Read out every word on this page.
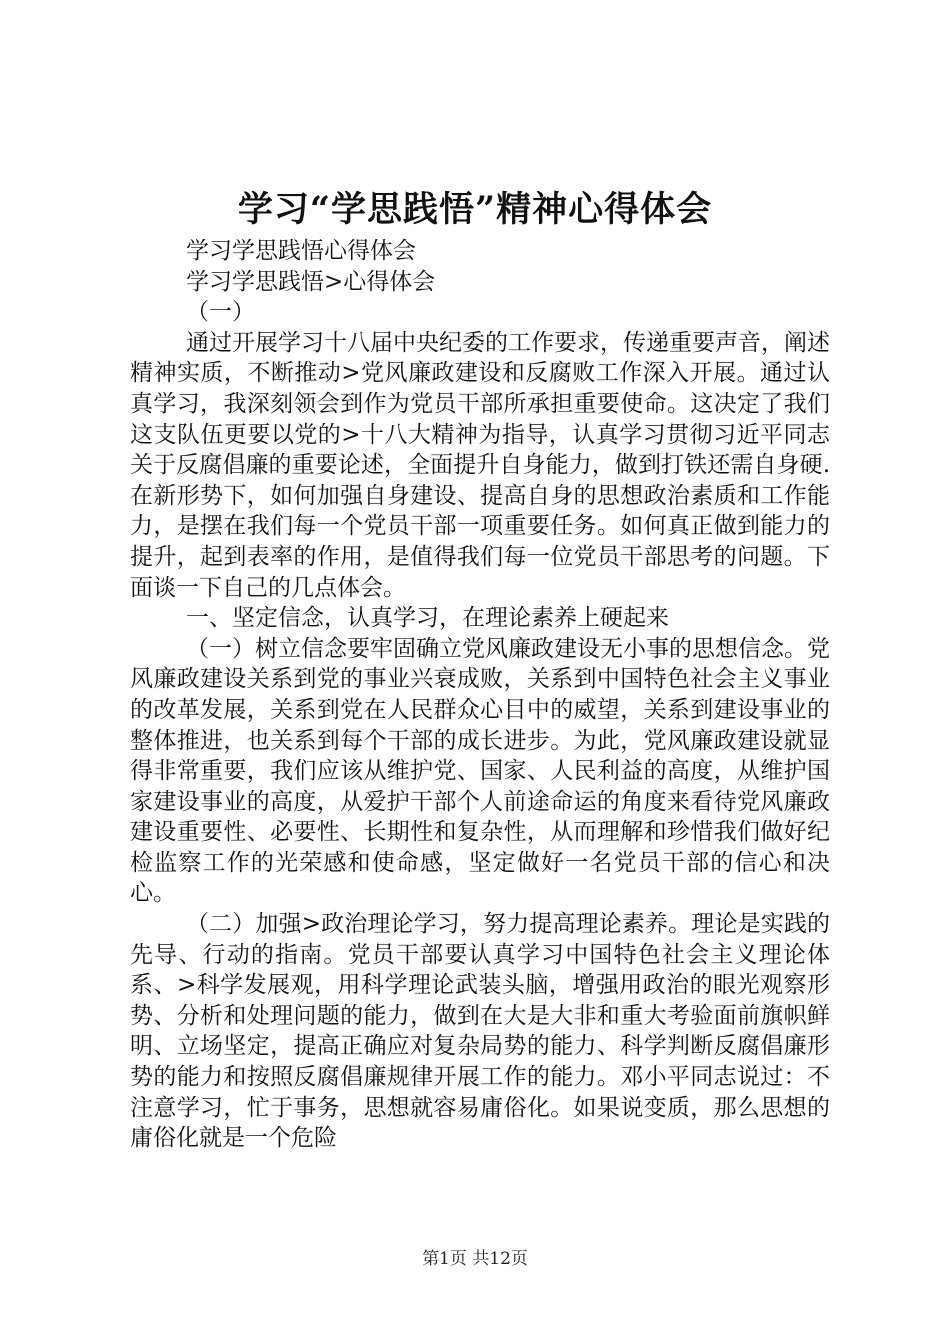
学习“学思践悟”精神心得体会

学习学思践悟心得体会

学习学思践悟>心得体会

（一）

通过开展学习十八届中央纪委的工作要求，传递重要声音，阐述精神实质，不断推动>党风廉政建设和反腐败工作深入开展。通过认真学习，我深刻领会到作为党员干部所承担重要使命。这决定了我们这支队伍更要以党的>十八大精神为指导，认真学习贯彻习近平同志关于反腐倡廉的重要论述，全面提升自身能力，做到打铁还需自身硬.在新形势下，如何加强自身建设、提高自身的思想政治素质和工作能力，是摆在我们每一个党员干部一项重要任务。如何真正做到能力的提升，起到表率的作用，是值得我们每一位党员干部思考的问题。下面谈一下自己的几点体会。

一、坚定信念，认真学习，在理论素养上硬起来

（一）树立信念要牢固确立党风廉政建设无小事的思想信念。党风廉政建设关系到党的事业兴衰成败，关系到中国特色社会主义事业的改革发展，关系到党在人民群众心目中的威望，关系到建设事业的整体推进，也关系到每个干部的成长进步。为此，党风廉政建设就显得非常重要，我们应该从维护党、国家、人民利益的高度，从维护国家建设事业的高度，从爱护干部个人前途命运的角度来看待党风廉政建设重要性、必要性、长期性和复杂性，从而理解和珍惜我们做好纪检监察工作的光荣感和使命感，坚定做好一名党员干部的信心和决心。

（二）加强>政治理论学习，努力提高理论素养。理论是实践的先导、行动的指南。党员干部要认真学习中国特色社会主义理论体系、>科学发展观，用科学理论武装头脑，增强用政治的眼光观察形势、分析和处理问题的能力，做到在大是大非和重大考验面前旗帜鲜明、立场坚定，提高正确应对复杂局势的能力、科学判断反腐倡廉形势的能力和按照反腐倡廉规律开展工作的能力。邓小平同志说过：不注意学习，忙于事务，思想就容易庸俗化。如果说变质，那么思想的庸俗化就是一个危险

第1页 共12页
